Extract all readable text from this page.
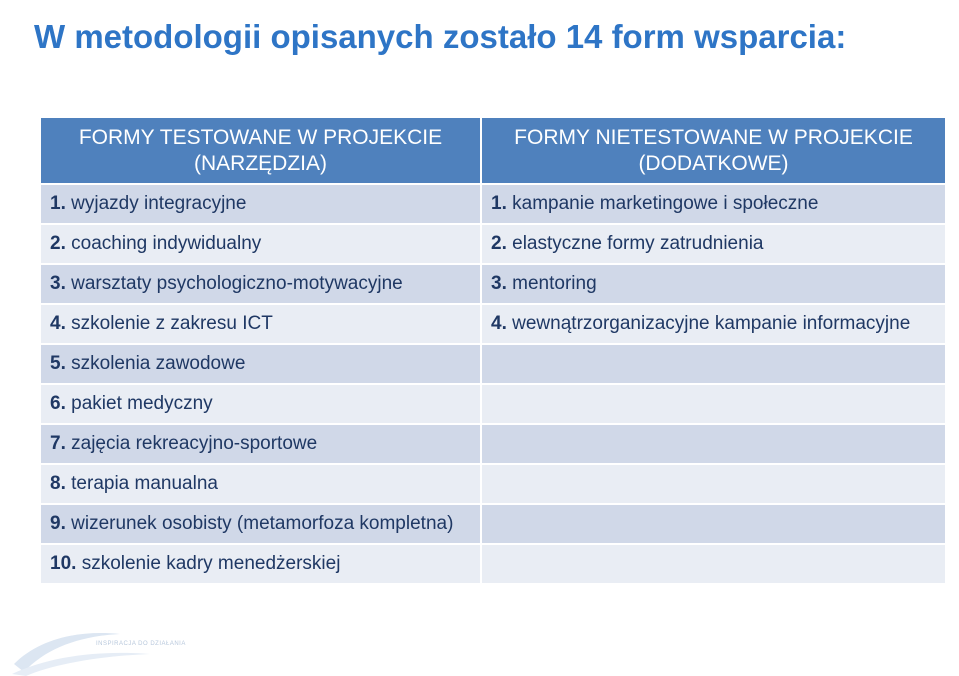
W metodologii opisanych zostało 14 form wsparcia:
FORMY TESTOWANE W PROJEKCIE
(NARZĘDZIA)	FORMY NIETESTOWANE W PROJEKCIE
(DODATKOWE)
1. wyjazdy integracyjne	1. kampanie marketingowe i społeczne
2. coaching indywidualny	2. elastyczne formy zatrudnienia
3. warsztaty psychologiczno-motywacyjne	3. mentoring
4. szkolenie z zakresu ICT	4. wewnątrzorganizacyjne kampanie informacyjne
5. szkolenia zawodowe	
6. pakiet medyczny	
7. zajęcia rekreacyjno-sportowe	
8. terapia manualna	
9. wizerunek osobisty (metamorfoza kompletna)	
10. szkolenie kadry menedżerskiej	
INSPIRACJA DO DZIAŁANIA
